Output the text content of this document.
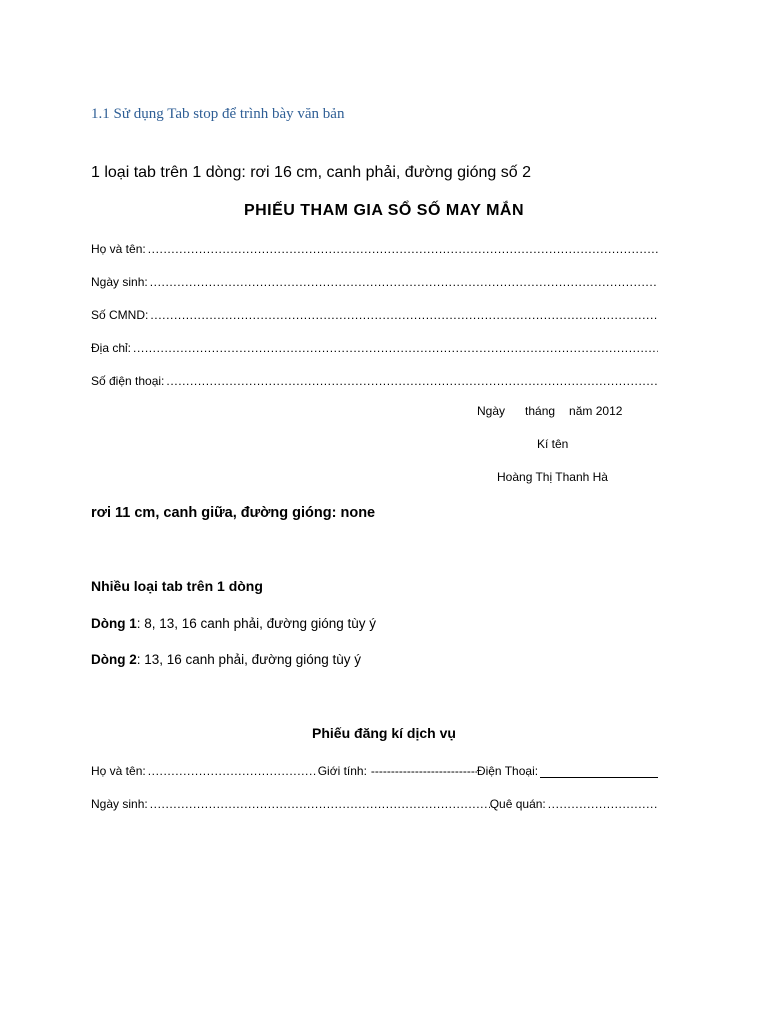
1.1 Sử dụng Tab stop để trình bày văn bản
1 loại tab trên 1 dòng: rơi 16 cm, canh phải, đường gióng số 2
PHIẾU THAM GIA SỔ SỐ MAY MẮN
Họ và tên:
.....
Ngày sinh:
.....
Số CMND:
.....
Địa chỉ:
.....
Số điện thoại:
.....
Ngày tháng năm 2012
Kí tên
Hoàng Thị Thanh Hà
rơi 11 cm, canh giữa, đường gióng: none
Nhiều loại tab trên 1 dòng
Dòng 1: 8, 13, 16 canh phải, đường gióng tùy ý
Dòng 2: 13, 16 canh phải, đường gióng tùy ý
Phiếu đăng kí dịch vụ
Họ và tên: .....	Giới tính: -----	Điện Thoại:
Ngày sinh: .....	Quê quán:
.....
